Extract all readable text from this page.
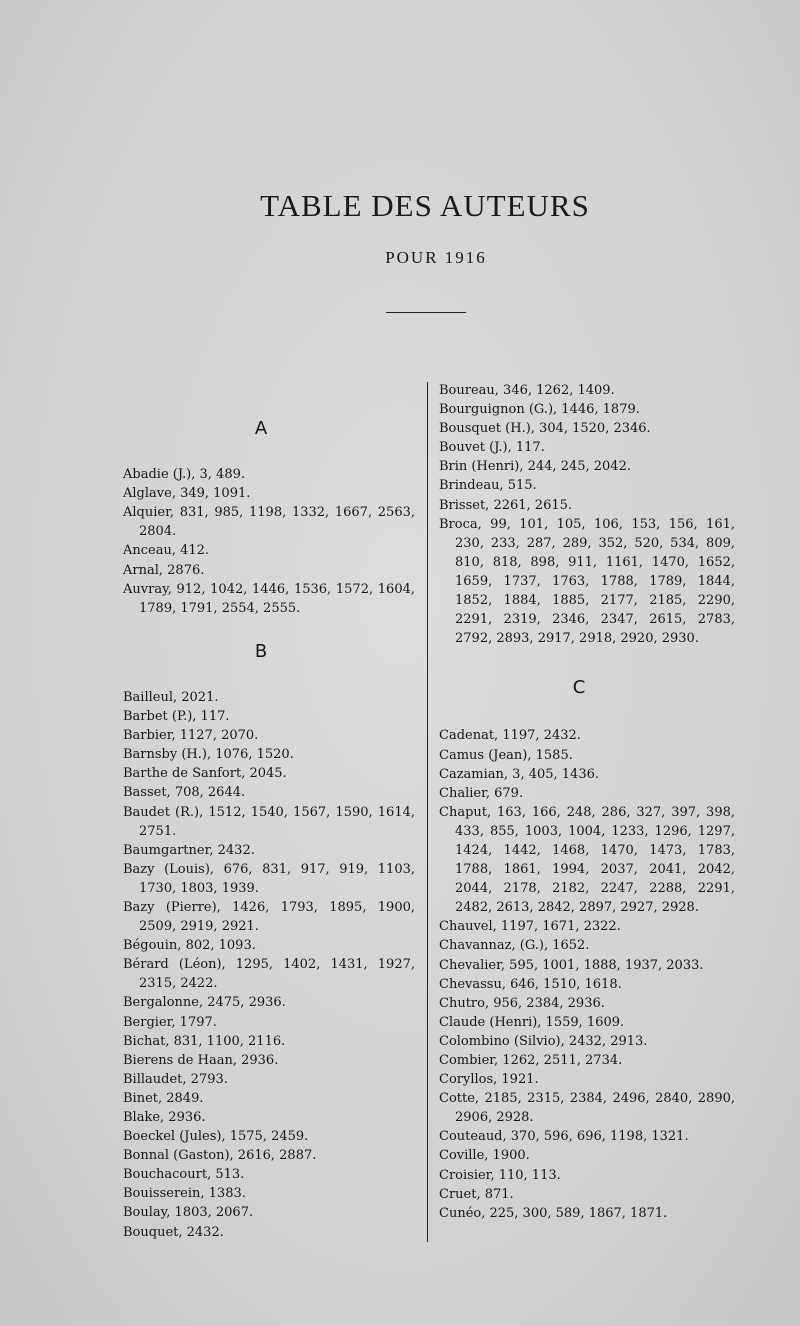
TABLE DES AUTEURS
POUR 1916
A
Abadie (J.), 3, 489.
Alglave, 349, 1091.
Alquier, 831, 985, 1198, 1332, 1667, 2563, 2804.
Anceau, 412.
Arnal, 2876.
Auvray, 912, 1042, 1446, 1536, 1572, 1604, 1789, 1791, 2554, 2555.
B
Bailleul, 2021.
Barbet (P.), 117.
Barbier, 1127, 2070.
Barnsby (H.), 1076, 1520.
Barthe de Sanfort, 2045.
Basset, 708, 2644.
Baudet (R.), 1512, 1540, 1567, 1590, 1614, 2751.
Baumgartner, 2432.
Bazy (Louis), 676, 831, 917, 919, 1103, 1730, 1803, 1939.
Bazy (Pierre), 1426, 1793, 1895, 1900, 2509, 2919, 2921.
Bégouin, 802, 1093.
Bérard (Léon), 1295, 1402, 1431, 1927, 2315, 2422.
Bergalonne, 2475, 2936.
Bergier, 1797.
Bichat, 831, 1100, 2116.
Bierens de Haan, 2936.
Billaudet, 2793.
Binet, 2849.
Blake, 2936.
Boeckel (Jules), 1575, 2459.
Bonnal (Gaston), 2616, 2887.
Bouchacourt, 513.
Bouisserein, 1383.
Boulay, 1803, 2067.
Bouquet, 2432.
Boureau, 346, 1262, 1409.
Bourguignon (G.), 1446, 1879.
Bousquet (H.), 304, 1520, 2346.
Bouvet (J.), 117.
Brin (Henri), 244, 245, 2042.
Brindeau, 515.
Brisset, 2261, 2615.
Broca, 99, 101, 105, 106, 153, 156, 161, 230, 233, 287, 289, 352, 520, 534, 809, 810, 818, 898, 911, 1161, 1470, 1652, 1659, 1737, 1763, 1788, 1789, 1844, 1852, 1884, 1885, 2177, 2185, 2290, 2291, 2319, 2346, 2347, 2615, 2783, 2792, 2893, 2917, 2918, 2920, 2930.
C
Cadenat, 1197, 2432.
Camus (Jean), 1585.
Cazamian, 3, 405, 1436.
Chalier, 679.
Chaput, 163, 166, 248, 286, 327, 397, 398, 433, 855, 1003, 1004, 1233, 1296, 1297, 1424, 1442, 1468, 1470, 1473, 1783, 1788, 1861, 1994, 2037, 2041, 2042, 2044, 2178, 2182, 2247, 2288, 2291, 2482, 2613, 2842, 2897, 2927, 2928.
Chauvel, 1197, 1671, 2322.
Chavannaz, (G.), 1652.
Chevalier, 595, 1001, 1888, 1937, 2033.
Chevassu, 646, 1510, 1618.
Chutro, 956, 2384, 2936.
Claude (Henri), 1559, 1609.
Colombino (Silvio), 2432, 2913.
Combier, 1262, 2511, 2734.
Coryllos, 1921.
Cotte, 2185, 2315, 2384, 2496, 2840, 2890, 2906, 2928.
Couteaud, 370, 596, 696, 1198, 1321.
Coville, 1900.
Croisier, 110, 113.
Cruet, 871.
Cunéo, 225, 300, 589, 1867, 1871.
